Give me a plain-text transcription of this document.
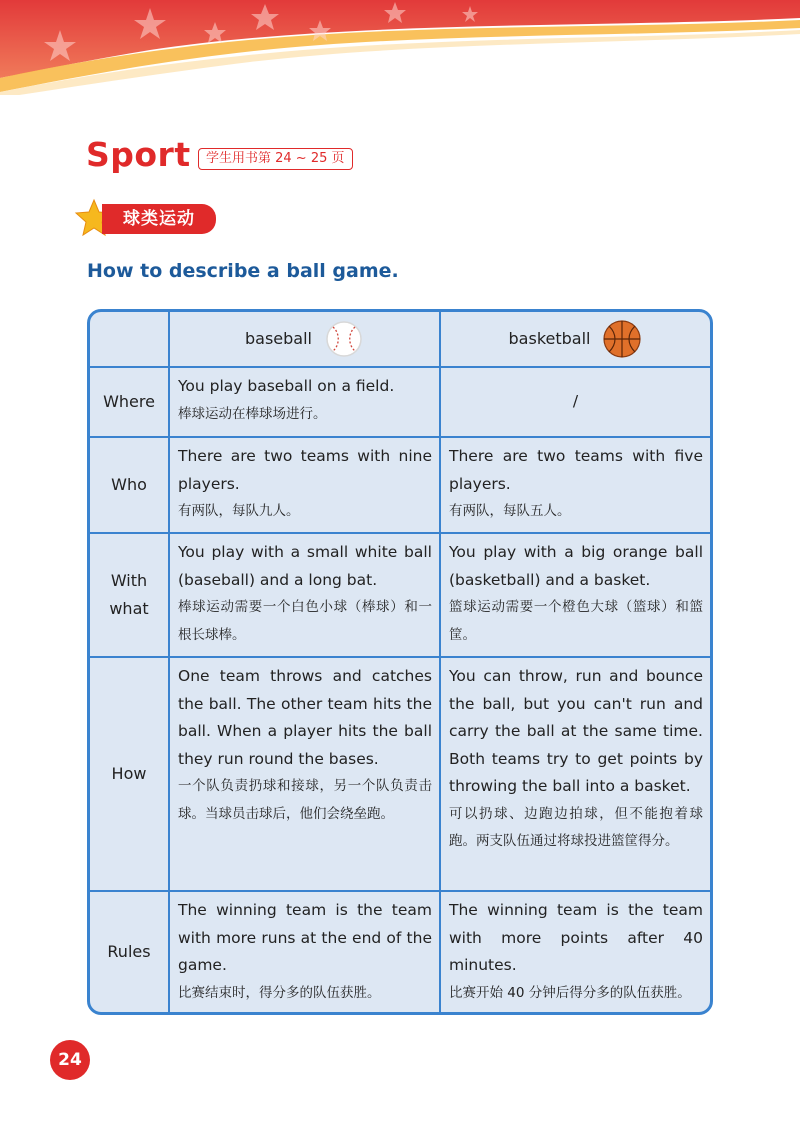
Sport	学生用书第 24 ~ 25 页
球类运动
How to describe a ball game.
baseball	basketball
Where
You play baseball on a field.
棒球运动在棒球场进行。
/
Who
There are two teams with nine players.
有两队，每队九人。
There are two teams with five players.
有两队，每队五人。
With what
You play with a small white ball (baseball) and a long bat.
棒球运动需要一个白色小球（棒球）和一根长球棒。
You play with a big orange ball (basketball) and a basket.
篮球运动需要一个橙色大球（篮球）和篮筐。
How
One team throws and catches the ball. The other team hits the ball. When a player hits the ball they run round the bases.
一个队负责扔球和接球，另一个队负责击球。当球员击球后，他们会绕垒跑。
You can throw, run and bounce the ball, but you can't run and carry the ball at the same time. Both teams try to get points by throwing the ball into a basket.
可以扔球、边跑边拍球，但不能抱着球跑。两支队伍通过将球投进篮筐得分。
Rules
The winning team is the team with more runs at the end of the game.
比赛结束时，得分多的队伍获胜。
The winning team is the team with more points after 40 minutes.
比赛开始 40 分钟后得分多的队伍获胜。
24
